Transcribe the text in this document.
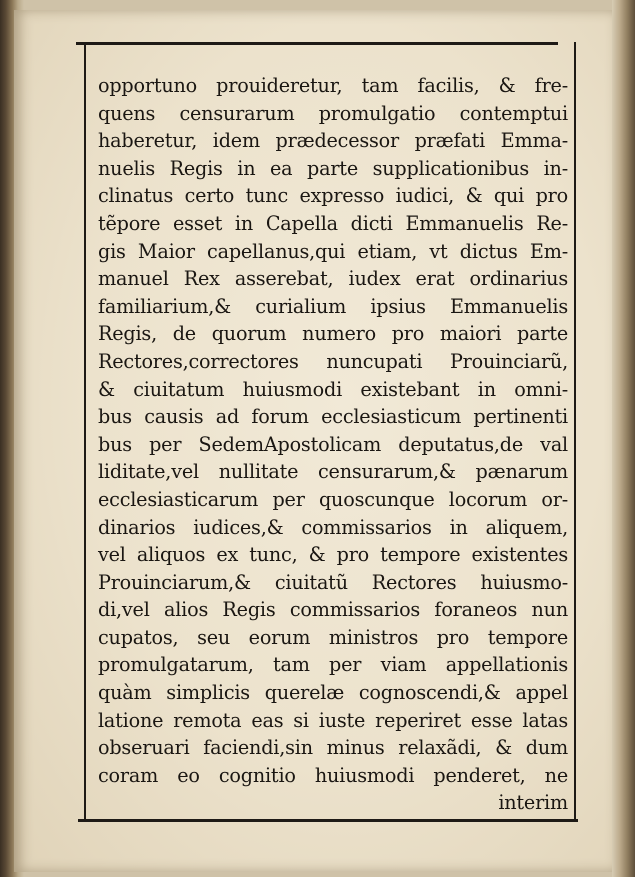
opportuno prouideretur, tam facilis, & fre-
quens censurarum promulgatio contemptui
haberetur, idem prædecessor præfati Emma-
nuelis Regis in ea parte supplicationibus in-
clinatus certo tunc expresso iudici, & qui pro
tẽpore esset in Capella dicti Emmanuelis Re-
gis Maior capellanus,qui etiam, vt dictus Em-
manuel Rex asserebat, iudex erat ordinarius
familiarium,& curialium ipsius Emmanuelis
Regis, de quorum numero pro maiori parte
Rectores,correctores nuncupati Prouinciarũ,
& ciuitatum huiusmodi existebant in omni-
bus causis ad forum ecclesiasticum pertinenti
bus per SedemApostolicam deputatus,de val
liditate,vel nullitate censurarum,& pænarum
ecclesiasticarum per quoscunque locorum or-
dinarios iudices,& commissarios in aliquem,
vel aliquos ex tunc, & pro tempore existentes
Prouinciarum,& ciuitatũ Rectores huiusmo-
di,vel alios Regis commissarios foraneos nun
cupatos, seu eorum ministros pro tempore
promulgatarum, tam per viam appellationis
quàm simplicis querelæ cognoscendi,& appel
latione remota eas si iuste reperiret esse latas
obseruari faciendi,sin minus relaxãdi, & dum
coram eo cognitio huiusmodi penderet, ne
interim
